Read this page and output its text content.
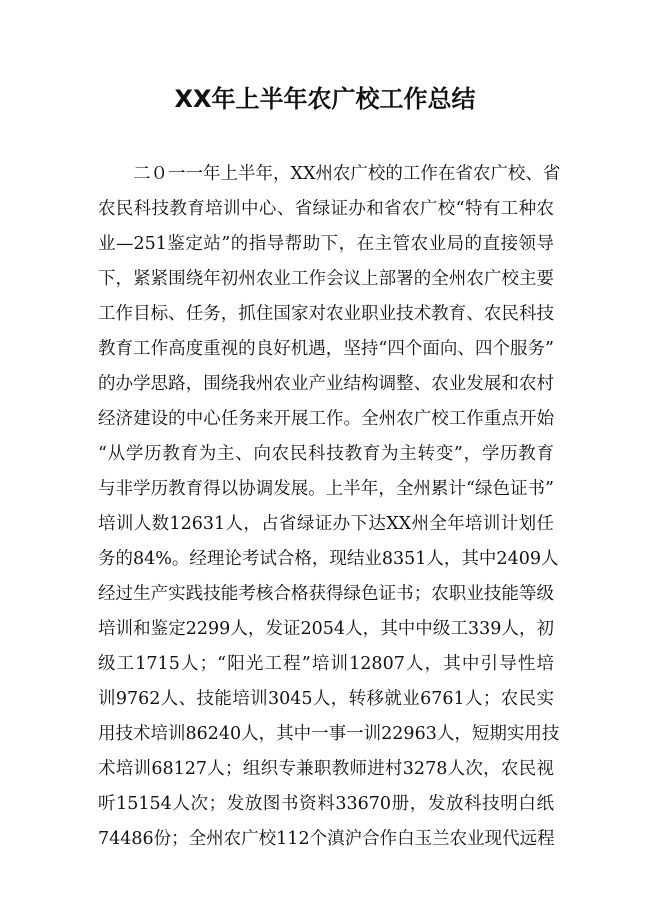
XX年上半年农广校工作总结
二０一一年上半年，XX州农广校的工作在省农广校、省
农民科技教育培训中心、省绿证办和省农广校“特有工种农
业—251鉴定站”的指导帮助下，在主管农业局的直接领导
下，紧紧围绕年初州农业工作会议上部署的全州农广校主要
工作目标、任务，抓住国家对农业职业技术教育、农民科技
教育工作高度重视的良好机遇，坚持“四个面向、四个服务”
的办学思路，围绕我州农业产业结构调整、农业发展和农村
经济建设的中心任务来开展工作。全州农广校工作重点开始
“从学历教育为主、向农民科技教育为主转变”，学历教育
与非学历教育得以协调发展。上半年，全州累计“绿色证书”
培训人数12631人，占省绿证办下达XX州全年培训计划任
务的84%。经理论考试合格，现结业8351人，其中2409人
经过生产实践技能考核合格获得绿色证书；农职业技能等级
培训和鉴定2299人，发证2054人，其中中级工339人，初
级工1715人；“阳光工程”培训12807人，其中引导性培
训9762人、技能培训3045人，转移就业6761人；农民实
用技术培训86240人，其中一事一训22963人，短期实用技
术培训68127人；组织专兼职教师进村3278人次，农民视
听15154人次；发放图书资料33670册，发放科技明白纸
74486份；全州农广校112个滇沪合作白玉兰农业现代远程
